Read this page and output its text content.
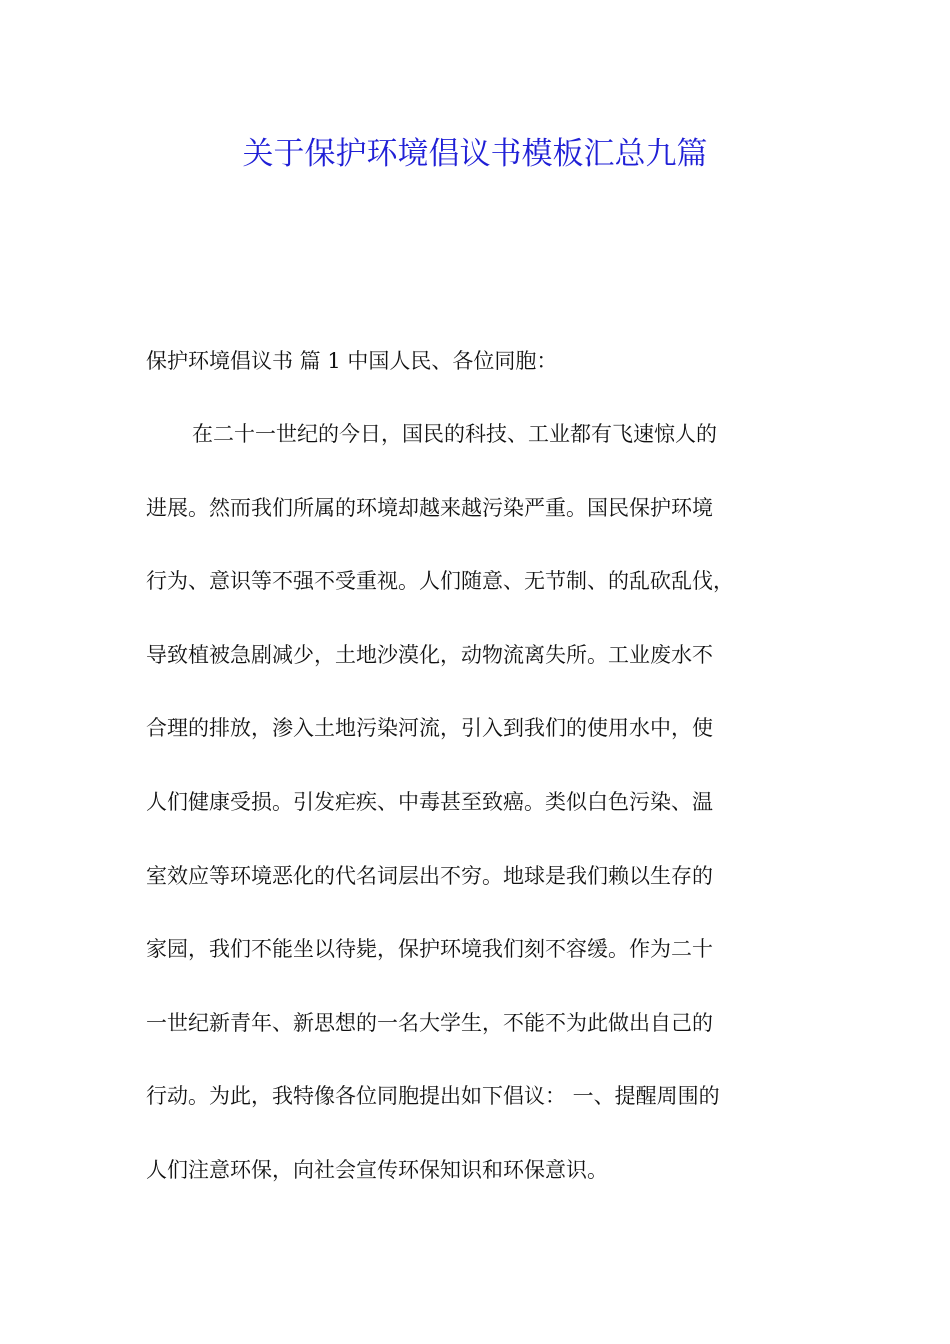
关于保护环境倡议书模板汇总九篇
保护环境倡议书 篇 1 中国人民、各位同胞：
在二十一世纪的今日，国民的科技、工业都有飞速惊人的
进展。然而我们所属的环境却越来越污染严重。国民保护环境
行为、意识等不强不受重视。人们随意、无节制、的乱砍乱伐，
导致植被急剧减少，土地沙漠化，动物流离失所。工业废水不
合理的排放，渗入土地污染河流，引入到我们的使用水中，使
人们健康受损。引发疟疾、中毒甚至致癌。类似白色污染、温
室效应等环境恶化的代名词层出不穷。地球是我们赖以生存的
家园，我们不能坐以待毙，保护环境我们刻不容缓。作为二十
一世纪新青年、新思想的一名大学生，不能不为此做出自己的
行动。为此，我特像各位同胞提出如下倡议： 一、提醒周围的
人们注意环保，向社会宣传环保知识和环保意识。
